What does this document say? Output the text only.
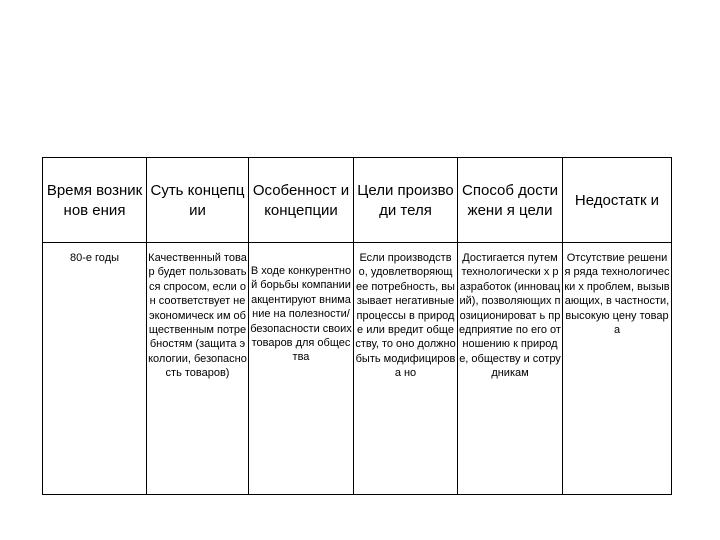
Время возникнов ения	Суть концепции	Особенност и концепции	Цели производи теля	Способ достижени я цели	Недостатк и
80-е годы	Качественный товар будет пользоваться спросом, если он соответствует неэкономическ им общественным потребностям (защита экологии, безопасность товаров)	В ходе конкурентной борьбы компании акцентируют внимание на полезности/ безопасности своих товаров для общества	Если производство, удовлетворяющ ее потребность, вызывает негативные процессы в природе или вредит обществу, то оно должно быть модифицирова но	Достигается путем технологически х разработок (инноваций), позволяющих позиционироват ь предприятие по его отношению к природе, обществу и сотрудникам	Отсутствие решения ряда технологически х проблем, вызывающих, в частности, высокую цену товара
